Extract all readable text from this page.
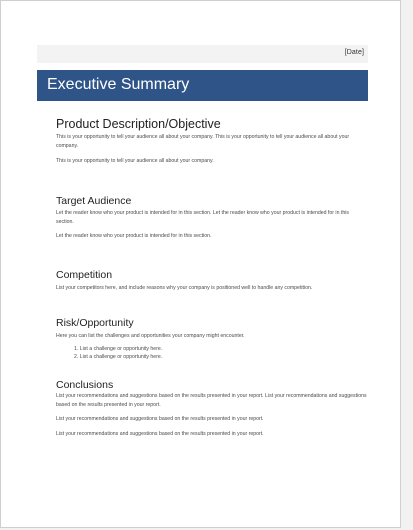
[Date]
Executive Summary
Product Description/Objective
This is your opportunity to tell your audience all about your company. This is your opportunity to tell your audience all about your company.
This is your opportunity to tell your audience all about your company.
Target Audience
Let the reader know who your product is intended for in this section. Let the reader know who your product is intended for in this section.
Let the reader know who your product is intended for in this section.
Competition
List your competitors here, and include reasons why your company is positioned well to handle any competition.
Risk/Opportunity
Here you can list the challenges and opportunities your company might encounter.
1. List a challenge or opportunity here.
2. List a challenge or opportunity here.
Conclusions
List your recommendations and suggestions based on the results presented in your report. List your recommendations and suggestions based on the results presented in your report.
List your recommendations and suggestions based on the results presented in your report.
List your recommendations and suggestions based on the results presented in your report.
